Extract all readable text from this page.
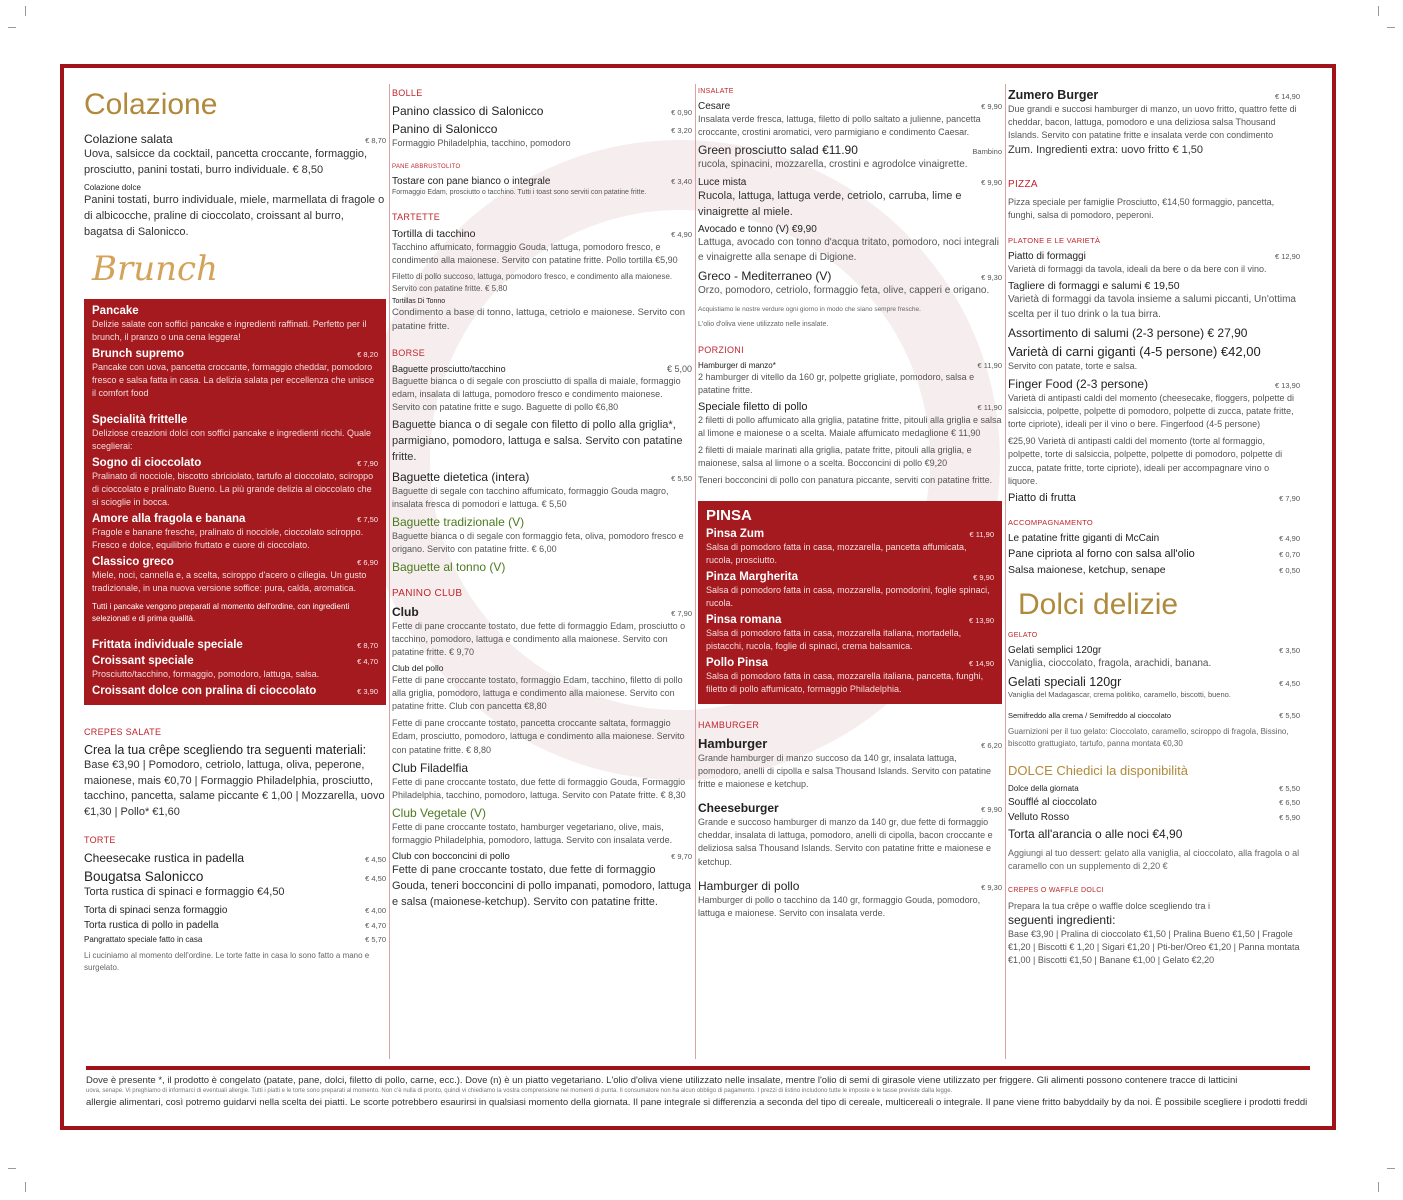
Colazione
Colazione salata	€ 8,70
Uova, salsicce da cocktail, pancetta croccante, formaggio, prosciutto, panini tostati, burro individuale. € 8,50
Colazione dolce
Panini tostati, burro individuale, miele, marmellata di fragole o di albicocche, praline di cioccolato, croissant al burro, bagatsa di Salonicco.
Brunch
Pancake
Delizie salate con soffici pancake e ingredienti raffinati. Perfetto per il brunch, il pranzo o una cena leggera!
Brunch supremo	€ 8,20
Pancake con uova, pancetta croccante, formaggio cheddar, pomodoro fresco e salsa fatta in casa. La delizia salata per eccellenza che unisce il comfort food
Specialità frittelle
Deliziose creazioni dolci con soffici pancake e ingredienti ricchi. Quale sceglierai:
Sogno di cioccolato	€ 7,90
Pralinato di nocciole, biscotto sbriciolato, tartufo al cioccolato, sciroppo di cioccolato e pralinato Bueno. La più grande delizia al cioccolato che si scioglie in bocca.
Amore alla fragola e banana	€ 7,50
Fragole e banane fresche, pralinato di nocciole, cioccolato sciroppo. Fresco e dolce, equilibrio fruttato e cuore di cioccolato.
Classico greco	€ 6,90
Miele, noci, cannella e, a scelta, sciroppo d'acero o ciliegia. Un gusto tradizionale, in una nuova versione soffice: pura, calda, aromatica.
Tutti i pancake vengono preparati al momento dell'ordine, con ingredienti selezionati e di prima qualità.
Frittata individuale speciale	€ 8,70
Croissant speciale	€ 4,70
Prosciutto/tacchino, formaggio, pomodoro, lattuga, salsa.
Croissant dolce con pralina di cioccolato	€ 3,90
CREPES SALATE
Crea la tua crêpe scegliendo tra seguenti materiali:
Base €3,90 | Pomodoro, cetriolo, lattuga, oliva, peperone, maionese, mais €0,70 | Formaggio Philadelphia, prosciutto, tacchino, pancetta, salame piccante € 1,00 | Mozzarella, uovo €1,30 | Pollo* €1,60
TORTE
Cheesecake rustica in padella	€ 4,50
Bougatsa Salonicco	€ 4,50
Torta rustica di spinaci e formaggio €4,50
Torta di spinaci senza formaggio	€ 4,00
Torta rustica di pollo in padella	€ 4,70
Pangrattato speciale fatto in casa	€ 5,70
Li cuciniamo al momento dell'ordine. Le torte fatte in casa lo sono fatto a mano e surgelato.
BOLLE
Panino classico di Salonicco	€ 0,90
Panino di Salonicco	€ 3,20
Formaggio Philadelphia, tacchino, pomodoro
PANE ABBRUSTOLITO
Tostare con pane bianco o integrale	€ 3,40
Formaggio Edam, prosciutto o tacchino. Tutti i toast sono serviti con patatine fritte.
TARTETTE
Tortilla di tacchino	€ 4,90
Tacchino affumicato, formaggio Gouda, lattuga, pomodoro fresco, e condimento alla maionese. Servito con patatine fritte. Pollo tortilla €5,90
Filetto di pollo succoso, lattuga, pomodoro fresco, e condimento alla maionese. Servito con patatine fritte. € 5,80
Tortillas Di Tonno
Condimento a base di tonno, lattuga, cetriolo e maionese. Servito con patatine fritte.
BORSE
Baguette prosciutto/tacchino	€ 5,00
Baguette bianca o di segale con prosciutto di spalla di maiale, formaggio edam, insalata di lattuga, pomodoro fresco e condimento maionese. Servito con patatine fritte e sugo. Baguette di pollo €6,80
Baguette bianca o di segale con filetto di pollo alla griglia*, parmigiano, pomodoro, lattuga e salsa. Servito con patatine fritte.
Baguette dietetica (intera)	€ 5,50
Baguette di segale con tacchino affumicato, formaggio Gouda magro, insalata fresca di pomodori e lattuga. € 5,50
Baguette tradizionale (V)
Baguette bianca o di segale con formaggio feta, oliva, pomodoro fresco e origano. Servito con patatine fritte. € 6,00
Baguette al tonno (V)
PANINO CLUB
Club	€ 7,90
Fette di pane croccante tostato, due fette di formaggio Edam, prosciutto o tacchino, pomodoro, lattuga e condimento alla maionese. Servito con patatine fritte. € 9,70
Club del pollo
Fette di pane croccante tostato, formaggio Edam, tacchino, filetto di pollo alla griglia, pomodoro, lattuga e condimento alla maionese. Servito con patatine fritte. Club con pancetta €8,80
Fette di pane croccante tostato, pancetta croccante saltata, formaggio Edam, prosciutto, pomodoro, lattuga e condimento alla maionese. Servito con patatine fritte. € 8,80
Club Filadelfia
Fette di pane croccante tostato, due fette di formaggio Gouda, Formaggio Philadelphia, tacchino, pomodoro, lattuga. Servito con Patate fritte. € 8,30
Club Vegetale (V)
Fette di pane croccante tostato, hamburger vegetariano, olive, mais, formaggio Philadelphia, pomodoro, lattuga. Servito con insalata verde.
Club con bocconcini di pollo	€ 9,70
Fette di pane croccante tostato, due fette di formaggio Gouda, teneri bocconcini di pollo impanati, pomodoro, lattuga e salsa (maionese-ketchup). Servito con patatine fritte.
INSALATE
Cesare	€ 9,90
Insalata verde fresca, lattuga, filetto di pollo saltato a julienne, pancetta croccante, crostini aromatici, vero parmigiano e condimento Caesar.
Green prosciutto salad €11.90	Bambino
rucola, spinacini, mozzarella, crostini e agrodolce vinaigrette.
Luce mista	€ 9,90
Rucola, lattuga, lattuga verde, cetriolo, carruba, lime e vinaigrette al miele.
Avocado e tonno (V) €9,90
Lattuga, avocado con tonno d'acqua tritato, pomodoro, noci integrali e vinaigrette alla senape di Digione.
Greco - Mediterraneo (V)	€ 9,30
Orzo, pomodoro, cetriolo, formaggio feta, olive, capperi e origano.
Acquistiamo le nostre verdure ogni giorno in modo che siano sempre fresche.
L'olio d'oliva viene utilizzato nelle insalate.
PORZIONI
Hamburger di manzo*	€ 11,90
2 hamburger di vitello da 160 gr, polpette grigliate, pomodoro, salsa e patatine fritte.
Speciale filetto di pollo	€ 11,90
2 filetti di pollo affumicato alla griglia, patatine fritte, pitouli alla griglia e salsa al limone e maionese o a scelta. Maiale affumicato medaglione € 11,90
2 filetti di maiale marinati alla griglia, patate fritte, pitouli alla griglia, e maionese, salsa al limone o a scelta. Bocconcini di pollo €9,20
Teneri bocconcini di pollo con panatura piccante, serviti con patatine fritte.
PINSA
Pinsa Zum	€ 11,90
Salsa di pomodoro fatta in casa, mozzarella, pancetta affumicata, rucola, prosciutto.
Pinza Margherita	€ 9,90
Salsa di pomodoro fatta in casa, mozzarella, pomodorini, foglie spinaci, rucola.
Pinsa romana	€ 13,90
Salsa di pomodoro fatta in casa, mozzarella italiana, mortadella, pistacchi, rucola, foglie di spinaci, crema balsamica.
Pollo Pinsa	€ 14,90
Salsa di pomodoro fatta in casa, mozzarella italiana, pancetta, funghi, filetto di pollo affumicato, formaggio Philadelphia.
HAMBURGER
Hamburger	€ 6,20
Grande hamburger di manzo succoso da 140 gr, insalata lattuga, pomodoro, anelli di cipolla e salsa Thousand Islands. Servito con patatine fritte e maionese e ketchup.
Cheeseburger	€ 9,90
Grande e succoso hamburger di manzo da 140 gr, due fette di formaggio cheddar, insalata di lattuga, pomodoro, anelli di cipolla, bacon croccante e deliziosa salsa Thousand Islands. Servito con patatine fritte e maionese e ketchup.
Hamburger di pollo	€ 9,30
Hamburger di pollo o tacchino da 140 gr, formaggio Gouda, pomodoro, lattuga e maionese. Servito con insalata verde.
Zumero Burger	€ 14,90
Due grandi e succosi hamburger di manzo, un uovo fritto, quattro fette di cheddar, bacon, lattuga, pomodoro e una deliziosa salsa Thousand Islands. Servito con patatine fritte e insalata verde con condimento
Zum. Ingredienti extra: uovo fritto € 1,50
PIZZA
Pizza speciale per famiglie Prosciutto, €14,50 formaggio, pancetta, funghi, salsa di pomodoro, peperoni.
PLATONE E LE VARIETÀ
Piatto di formaggi	€ 12,90
Varietà di formaggi da tavola, ideali da bere o da bere con il vino.
Tagliere di formaggi e salumi € 19,50
Varietà di formaggi da tavola insieme a salumi piccanti, Un'ottima scelta per il tuo drink o la tua birra.
Assortimento di salumi (2-3 persone) € 27,90
Varietà di carni giganti (4-5 persone) €42,00
Servito con patate, torte e salsa.
Finger Food (2-3 persone)	€ 13,90
Varietà di antipasti caldi del momento (cheesecake, floggers, polpette di salsiccia, polpette, polpette di pomodoro, polpette di zucca, patate fritte, torte cipriote), ideali per il vino o bere. Fingerfood (4-5 persone)
€25,90 Varietà di antipasti caldi del momento (torte al formaggio, polpette, torte di salsiccia, polpette, polpette di pomodoro, polpette di zucca, patate fritte, torte cipriote), ideali per accompagnare vino o liquore.
Piatto di frutta	€ 7,90
ACCOMPAGNAMENTO
Le patatine fritte giganti di McCain	€ 4,90
Pane cipriota al forno con salsa all'olio	€ 0,70
Salsa maionese, ketchup, senape	€ 0,50
Dolci delizie
GELATO
Gelati semplici 120gr	€ 3,50
Vaniglia, cioccolato, fragola, arachidi, banana.
Gelati speciali 120gr	€ 4,50
Vaniglia del Madagascar, crema politiko, caramello, biscotti, bueno.
Semifreddo alla crema / Semifreddo al cioccolato	€ 5,50
Guarnizioni per il tuo gelato: Cioccolato, caramello, sciroppo di fragola, Bissino, biscotto grattugiato, tartufo, panna montata €0,30
DOLCE Chiedici la disponibilità
Dolce della giornata	€ 5,50
Soufflé al cioccolato	€ 6,50
Velluto Rosso	€ 5,90
Torta all'arancia o alle noci €4,90
Aggiungi al tuo dessert: gelato alla vaniglia, al cioccolato, alla fragola o al caramello con un supplemento di 2,20 €
CREPES O WAFFLE DOLCI
Prepara la tua crêpe o waffle dolce scegliendo tra i
seguenti ingredienti:
Base €3,90 | Pralina di cioccolato €1,50 | Pralina Bueno €1,50 | Fragole €1,20 | Biscotti € 1,20 | Sigari €1,20 | Pti-ber/Oreo €1,20 | Panna montata €1,00 | Biscotti €1,50 | Banane €1,00 | Gelato €2,20
Dove è presente *, il prodotto è congelato (patate, pane, dolci, filetto di pollo, carne, ecc.). Dove (n) è un piatto vegetariano. L'olio d'oliva viene utilizzato nelle insalate, mentre l'olio di semi di girasole viene utilizzato per friggere. Gli alimenti possono contenere tracce di latticini
uova, senape. Vi preghiamo di informarci di eventuali allergie. Tutti i piatti e le torte sono preparati al momento. Non c'è nulla di pronto, quindi vi chiediamo la vostra comprensione nei momenti di punta. Il consumatore non ha alcun obbligo di pagamento. I prezzi di listino includono tutte le imposte e le tasse previste dalla legge.
allergie alimentari, così potremo guidarvi nella scelta dei piatti. Le scorte potrebbero esaurirsi in qualsiasi momento della giornata. Il pane integrale si differenzia a seconda del tipo di cereale, multicereali o integrale. Il pane viene fritto babyddaily by da noi. È possibile scegliere i prodotti freddi
